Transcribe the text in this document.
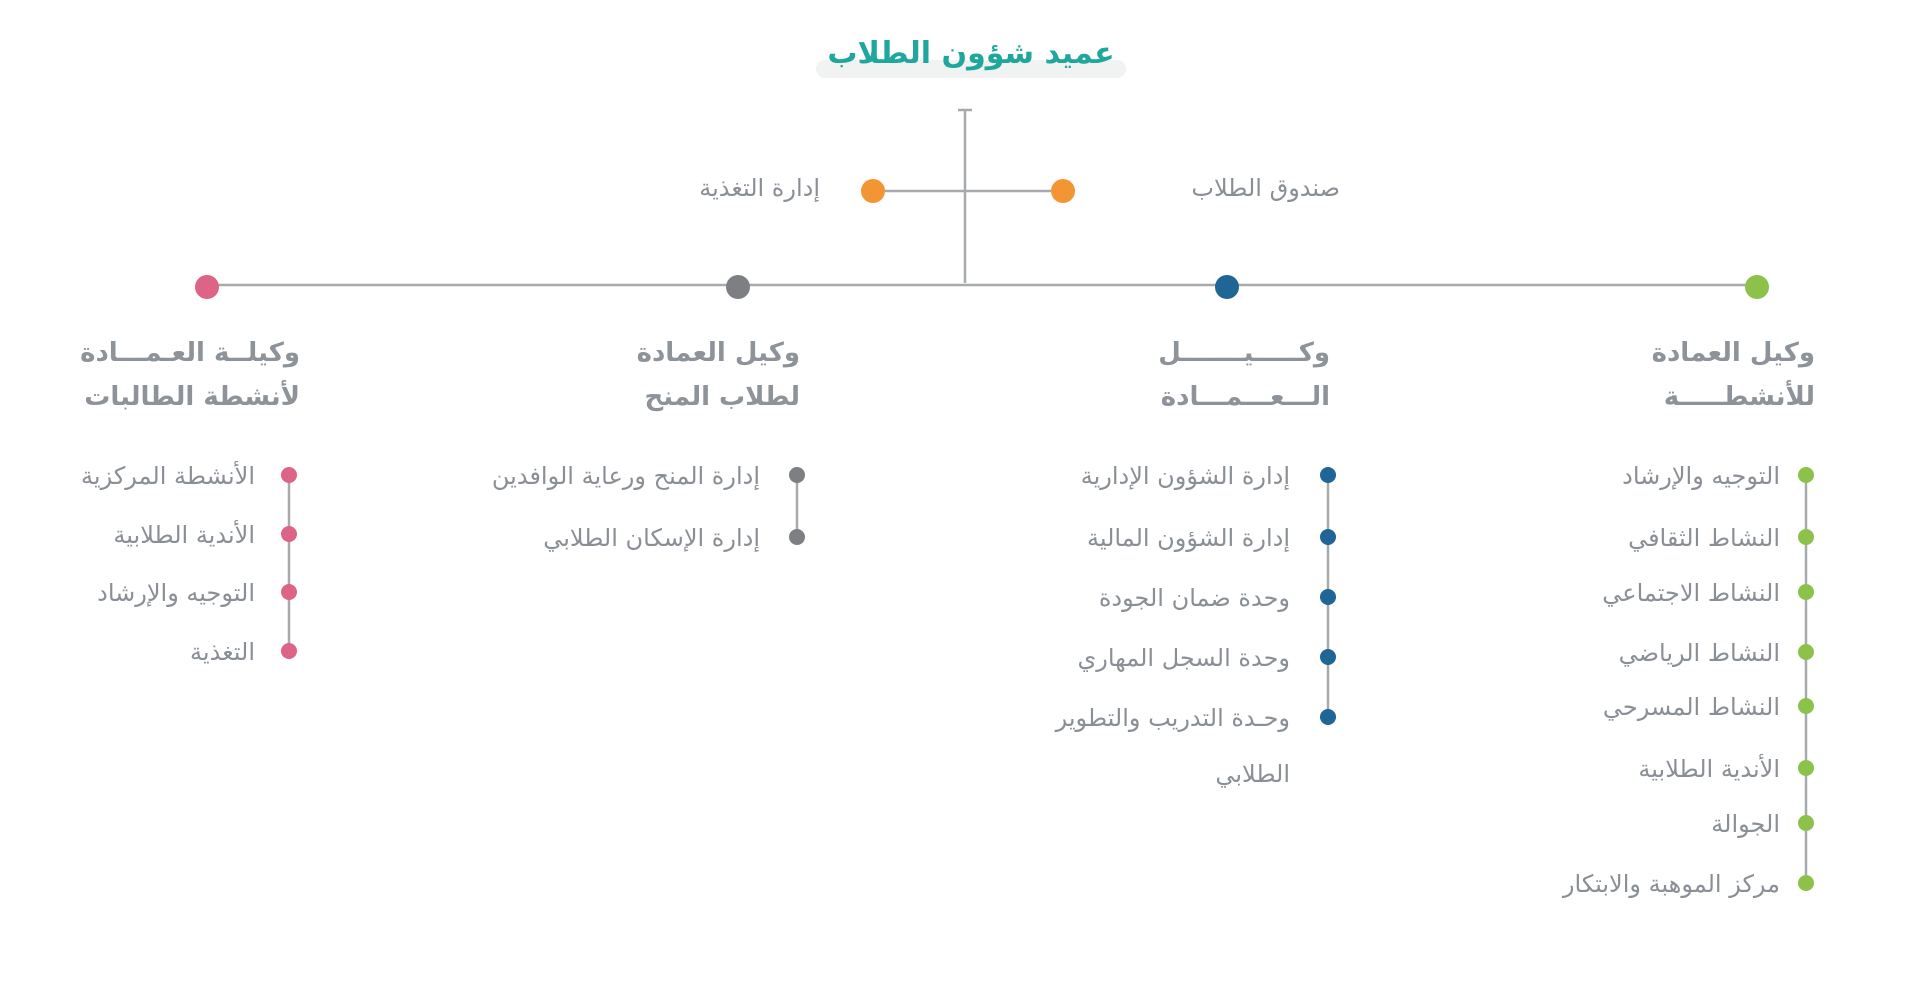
عميد شؤون الطلاب
صندوق الطلاب
إدارة التغذية
وكيل العمادة
للأنشطـــــة
وكـــــيـــــــل
الـــعـــمـــادة
وكيل العمادة
لطلاب المنح
وكيلــة العـمـــادة
لأنشطة الطالبات
التوجيه والإرشاد
النشاط الثقافي
النشاط الاجتماعي
النشاط الرياضي
النشاط المسرحي
الأندية الطلابية
الجوالة
مركز الموهبة والابتكار
إدارة الشؤون الإدارية
إدارة الشؤون المالية
وحدة ضمان الجودة
وحدة السجل المهاري
وحـدة التدريب والتطوير
الطلابي
إدارة المنح ورعاية الوافدين
إدارة الإسكان الطلابي
الأنشطة المركزية
الأندية الطلابية
التوجيه والإرشاد
التغذية
